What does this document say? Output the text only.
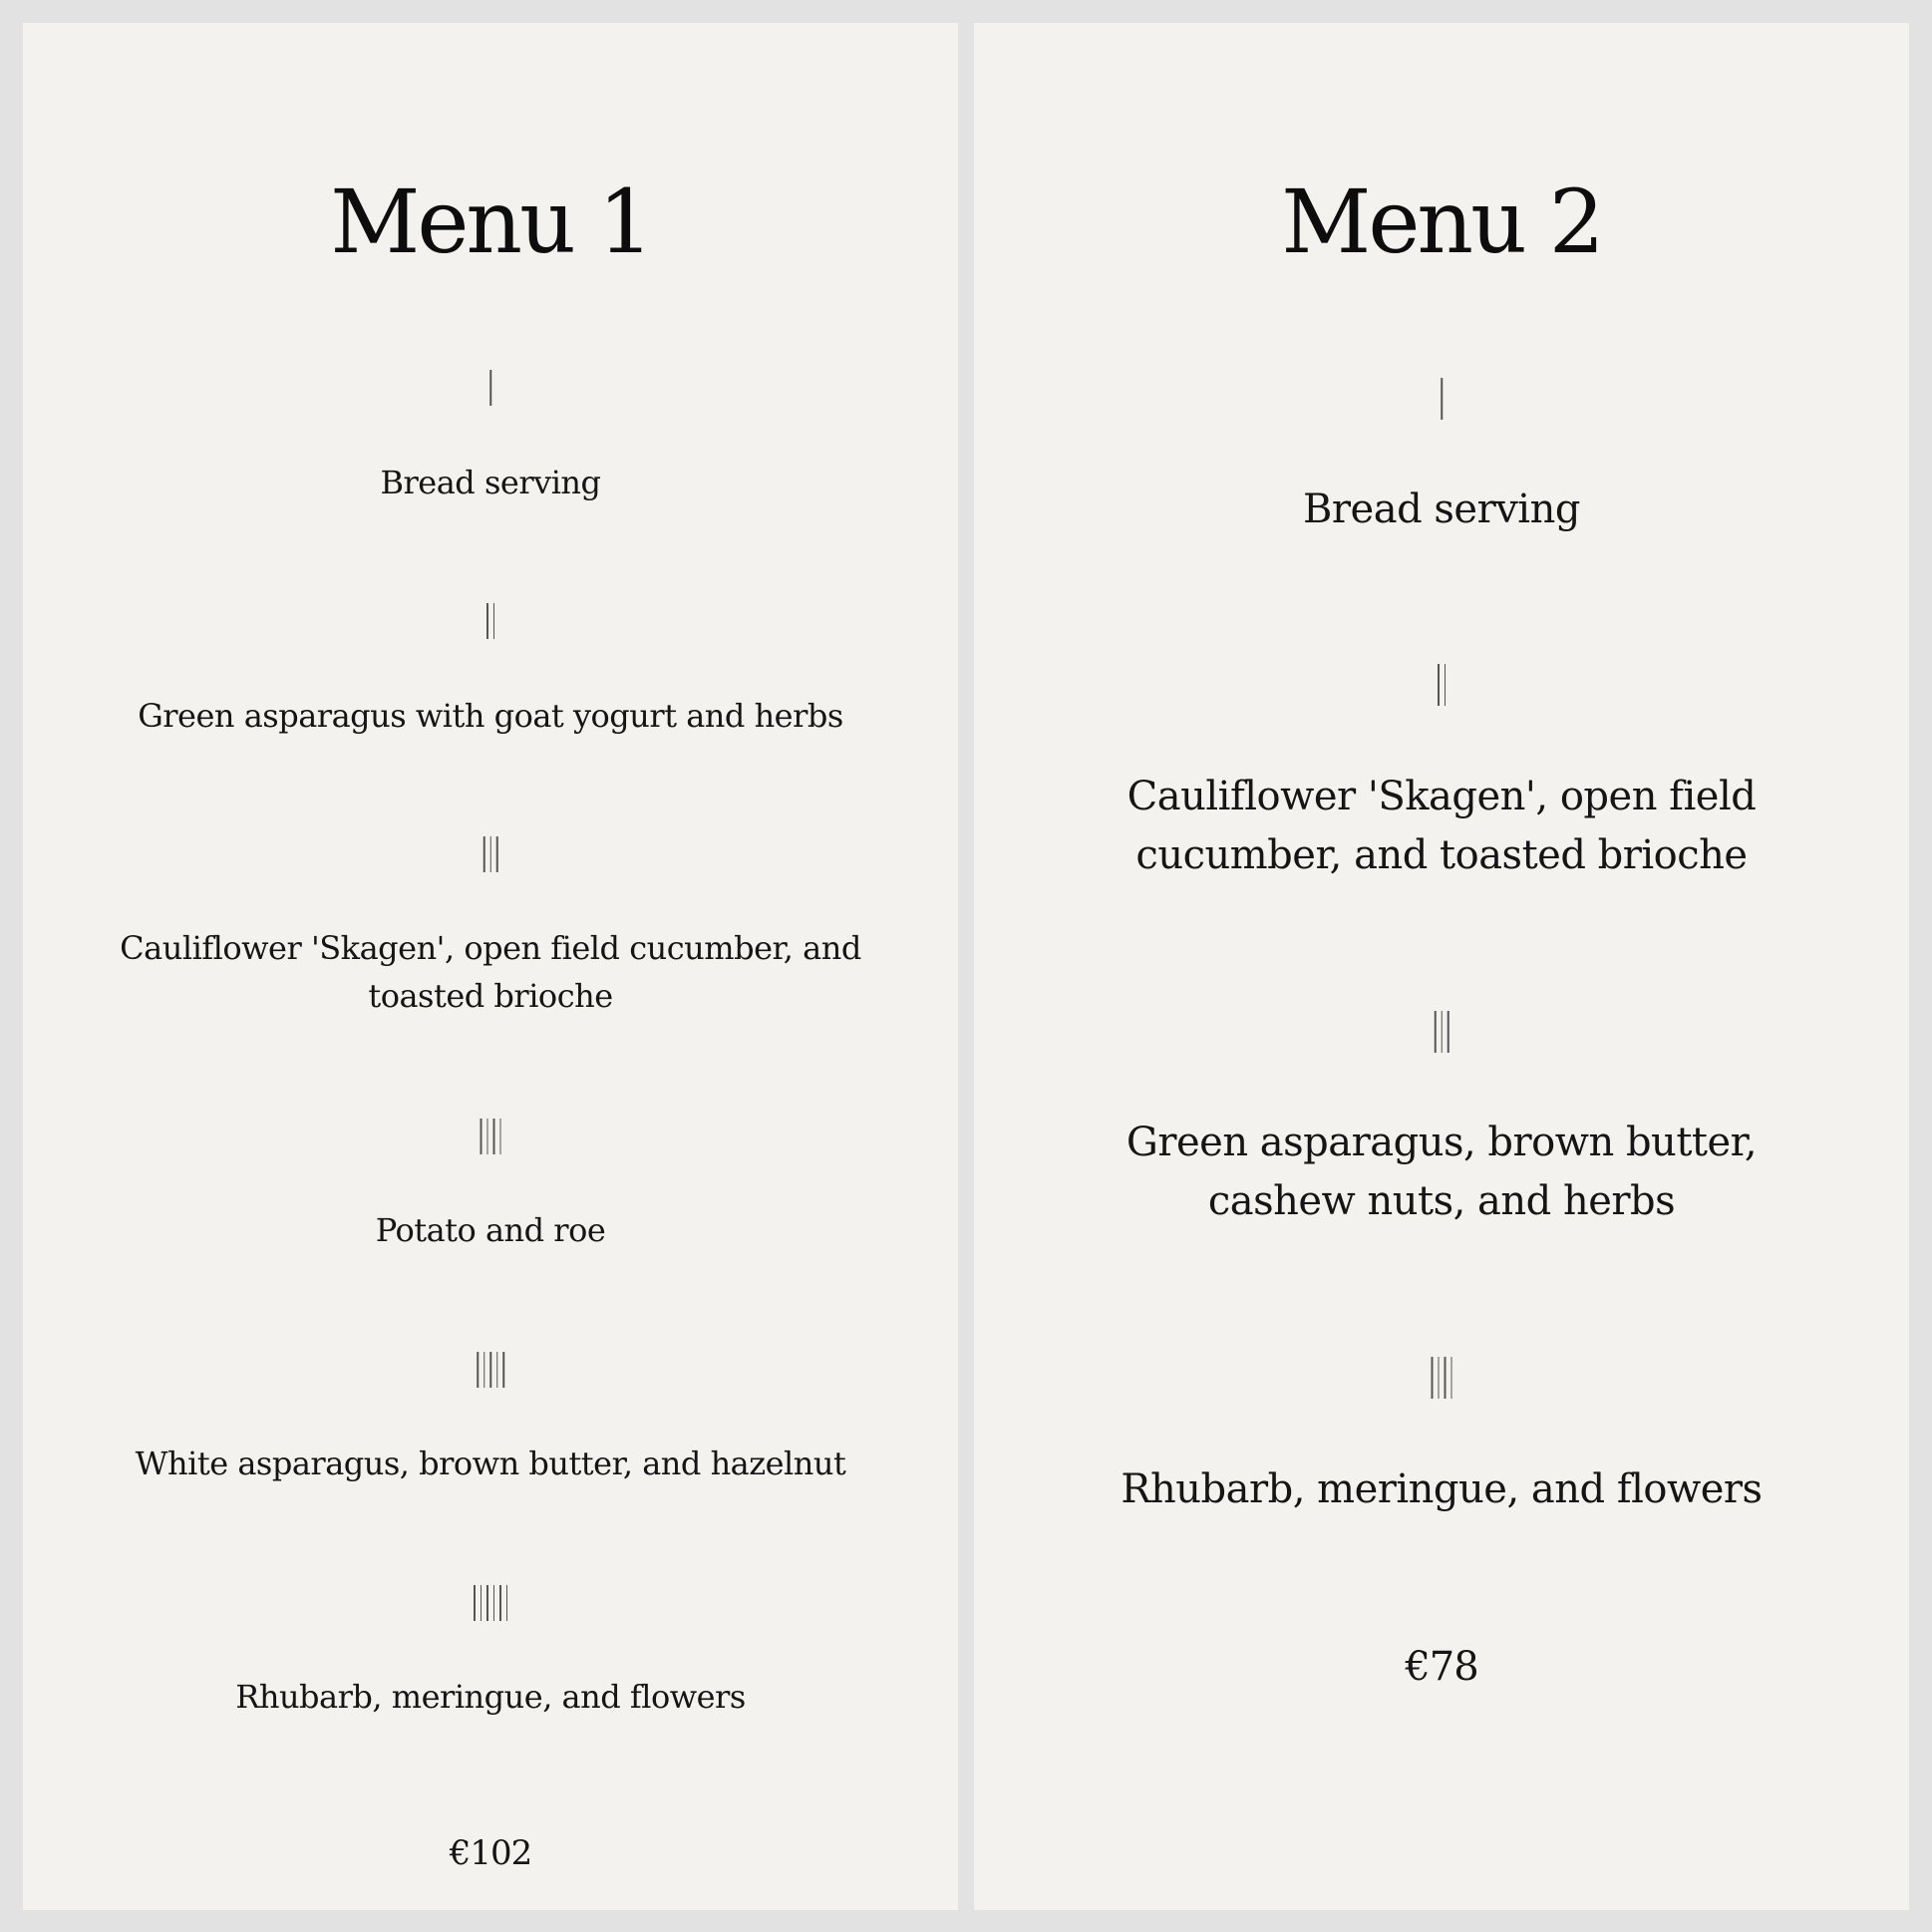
Menu 1
Bread serving
Green asparagus with goat yogurt and herbs
Cauliflower 'Skagen', open field cucumber, and toasted brioche
Potato and roe
White asparagus, brown butter, and hazelnut
Rhubarb, meringue, and flowers
€102
Menu 2
Bread serving
Cauliflower 'Skagen', open field cucumber, and toasted brioche
Green asparagus, brown butter, cashew nuts, and herbs
Rhubarb, meringue, and flowers
€78
